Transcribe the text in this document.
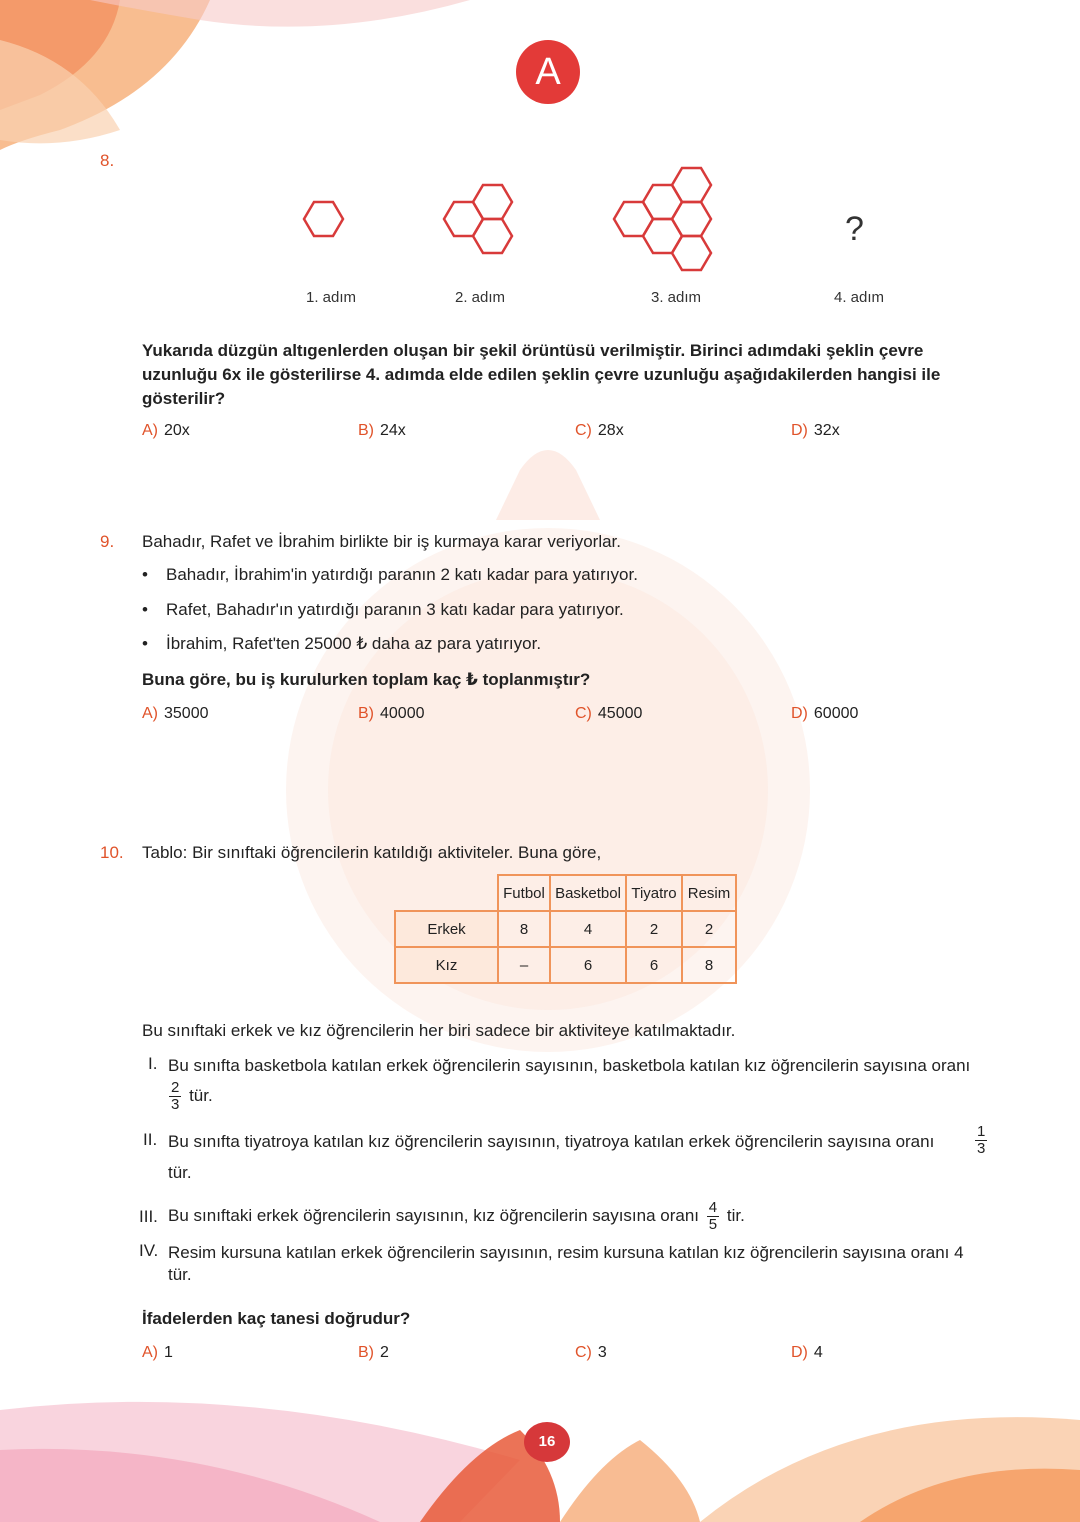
A
8.
?
1. adım	2. adım	3. adım	4. adım
Yukarıda düzgün altıgenlerden oluşan bir şekil örüntüsü verilmiştir. Birinci adımdaki şeklin çevre uzunluğu 6x ile gösterilirse 4. adımda elde edilen şeklin çevre uzunluğu aşağıdakilerden hangisi ile gösterilir?
A) 20x	B) 24x	C) 28x	D) 32x
9. Bahadır, Rafet ve İbrahim birlikte bir iş kurmaya karar veriyorlar.
• Bahadır, İbrahim'in yatırdığı paranın 2 katı kadar para yatırıyor.
• Rafet, Bahadır'ın yatırdığı paranın 3 katı kadar para yatırıyor.
• İbrahim, Rafet'ten 25000 ₺ daha az para yatırıyor.
Buna göre, bu iş kurulurken toplam kaç ₺ toplanmıştır?
A) 35000	B) 40000	C) 45000	D) 60000
10. Tablo: Bir sınıftaki öğrencilerin katıldığı aktiviteler. Buna göre,
	Futbol	Basketbol	Tiyatro	Resim
Erkek	8	4	2	2
Kız	–	6	6	8
Bu sınıftaki erkek ve kız öğrencilerin her biri sadece bir aktiviteye katılmaktadır.
I. Bu sınıfta basketbola katılan erkek öğrencilerin sayısının, basketbola katılan kız öğrencilerin sayısına oranı
$\frac{2}{3}$ tür.
II. Bu sınıfta tiyatroya katılan kız öğrencilerin sayısının, tiyatroya katılan erkek öğrencilerin sayısına oranı	$\frac{1}{3}$
tür.
III. Bu sınıftaki erkek öğrencilerin sayısının, kız öğrencilerin sayısına oranı $\frac{4}{5}$ tir.
IV. Resim kursuna katılan erkek öğrencilerin sayısının, resim kursuna katılan kız öğrencilerin sayısına oranı 4
tür.
İfadelerden kaç tanesi doğrudur?
A) 1	B) 2	C) 3	D) 4
16
